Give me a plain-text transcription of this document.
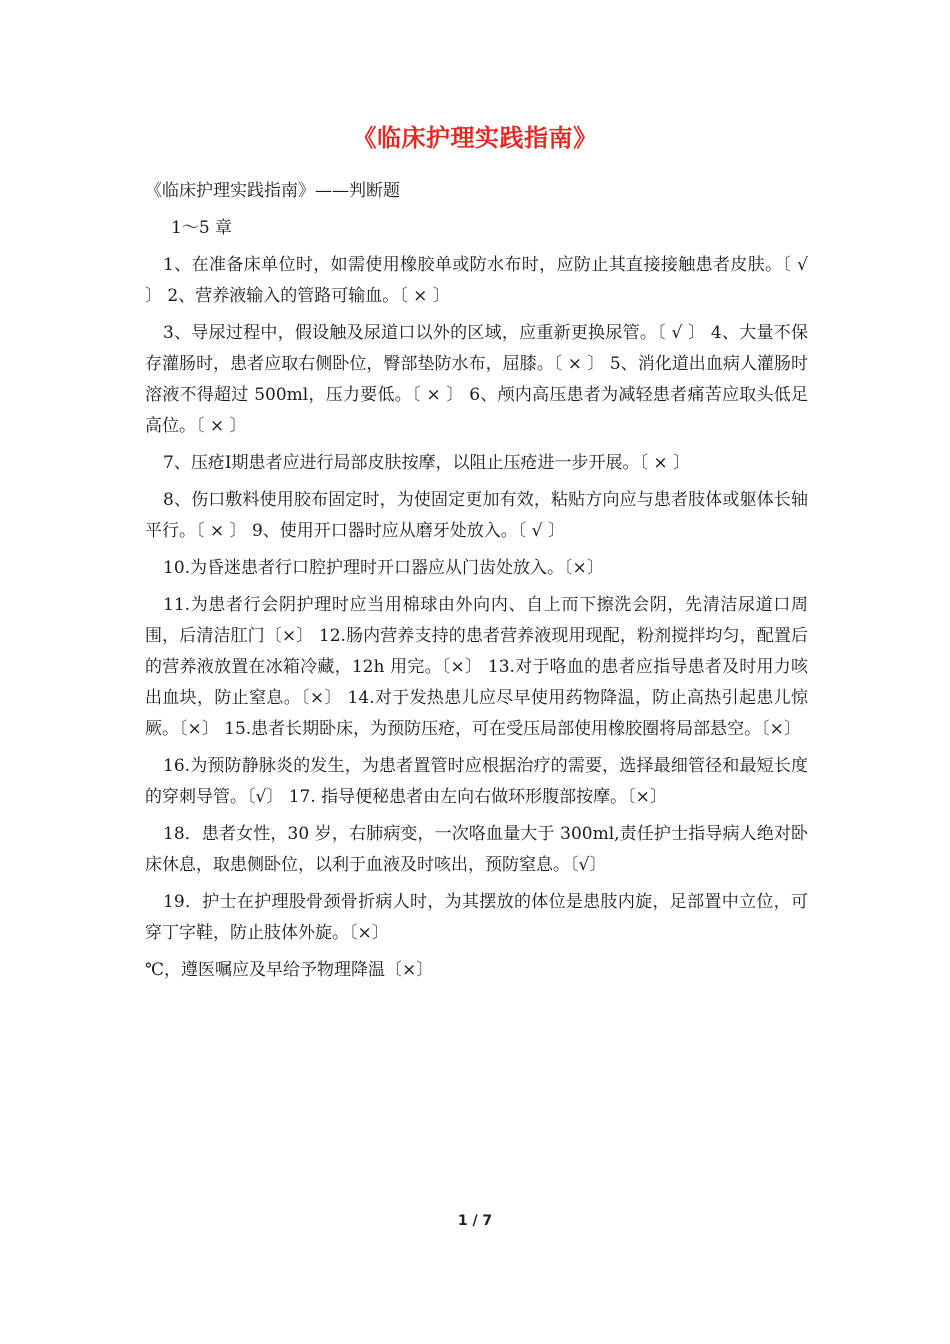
《临床护理实践指南》

《临床护理实践指南》——判断题

1～5 章

1、在准备床单位时，如需使用橡胶单或防水布时，应防止其直接接触患者皮肤。〔 √ 〕 2、营养液输入的管路可输血。〔 × 〕

3、导尿过程中，假设触及尿道口以外的区域，应重新更换尿管。〔 √ 〕 4、大量不保存灌肠时，患者应取右侧卧位，臀部垫防水布，屈膝。〔 × 〕 5、消化道出血病人灌肠时溶液不得超过 500ml，压力要低。〔 × 〕 6、颅内高压患者为减轻患者痛苦应取头低足高位。〔 × 〕

7、压疮Ⅰ期患者应进行局部皮肤按摩，以阻止压疮进一步开展。〔 × 〕

8、伤口敷料使用胶布固定时，为使固定更加有效，粘贴方向应与患者肢体或躯体长轴平行。〔 × 〕 9、使用开口器时应从磨牙处放入。〔 √ 〕

10.为昏迷患者行口腔护理时开口器应从门齿处放入。〔×〕

11.为患者行会阴护理时应当用棉球由外向内、自上而下擦洗会阴，先清洁尿道口周围，后清洁肛门〔×〕 12.肠内营养支持的患者营养液现用现配，粉剂搅拌均匀，配置后的营养液放置在冰箱冷藏，12h 用完。〔×〕 13.对于咯血的患者应指导患者及时用力咳出血块，防止窒息。〔×〕 14.对于发热患儿应尽早使用药物降温，防止高热引起患儿惊厥。〔×〕 15.患者长期卧床，为预防压疮，可在受压局部使用橡胶圈将局部悬空。〔×〕

16.为预防静脉炎的发生，为患者置管时应根据治疗的需要，选择最细管径和最短长度的穿刺导管。〔√〕 17. 指导便秘患者由左向右做环形腹部按摩。〔×〕

18．患者女性，30 岁，右肺病变，一次咯血量大于 300ml,责任护士指导病人绝对卧床休息，取患侧卧位，以利于血液及时咳出，预防窒息。〔√〕

19．护士在护理股骨颈骨折病人时，为其摆放的体位是患肢内旋，足部置中立位，可穿丁字鞋，防止肢体外旋。〔×〕

℃，遵医嘱应及早给予物理降温〔×〕

1 / 7
